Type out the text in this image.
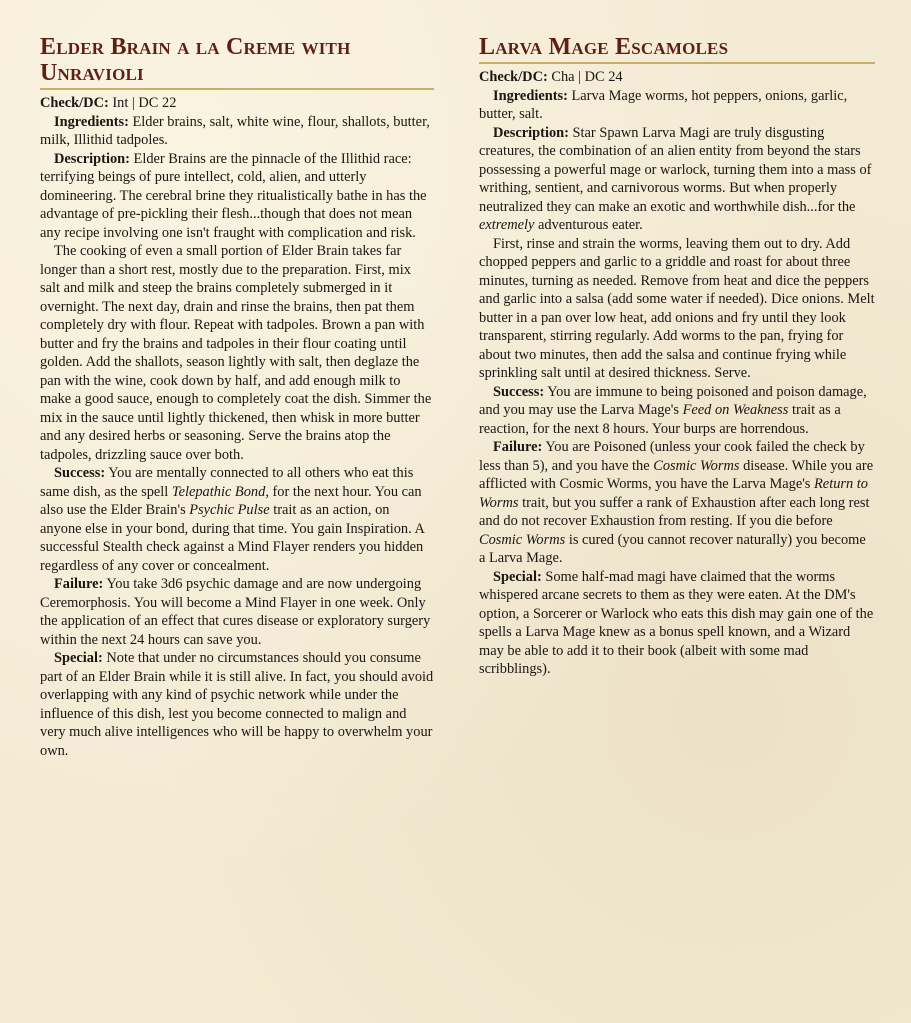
Elder Brain a la Creme with Unravioli

Check/DC: Int | DC 22

Ingredients: Elder brains, salt, white wine, flour, shallots, butter, milk, Illithid tadpoles.

Description: Elder Brains are the pinnacle of the Illithid race: terrifying beings of pure intellect, cold, alien, and utterly domineering. The cerebral brine they ritualistically bathe in has the advantage of pre-pickling their flesh...though that does not mean any recipe involving one isn't fraught with complication and risk.

The cooking of even a small portion of Elder Brain takes far longer than a short rest, mostly due to the preparation. First, mix salt and milk and steep the brains completely submerged in it overnight. The next day, drain and rinse the brains, then pat them completely dry with flour. Repeat with tadpoles. Brown a pan with butter and fry the brains and tadpoles in their flour coating until golden. Add the shallots, season lightly with salt, then deglaze the pan with the wine, cook down by half, and add enough milk to make a good sauce, enough to completely coat the dish. Simmer the mix in the sauce until lightly thickened, then whisk in more butter and any desired herbs or seasoning. Serve the brains atop the tadpoles, drizzling sauce over both.

Success: You are mentally connected to all others who eat this same dish, as the spell Telepathic Bond, for the next hour. You can also use the Elder Brain's Psychic Pulse trait as an action, on anyone else in your bond, during that time. You gain Inspiration. A successful Stealth check against a Mind Flayer renders you hidden regardless of any cover or concealment.

Failure: You take 3d6 psychic damage and are now undergoing Ceremorphosis. You will become a Mind Flayer in one week. Only the application of an effect that cures disease or exploratory surgery within the next 24 hours can save you.

Special: Note that under no circumstances should you consume part of an Elder Brain while it is still alive. In fact, you should avoid overlapping with any kind of psychic network while under the influence of this dish, lest you become connected to malign and very much alive intelligences who will be happy to overwhelm your own.

Larva Mage Escamoles

Check/DC: Cha | DC 24

Ingredients: Larva Mage worms, hot peppers, onions, garlic, butter, salt.

Description: Star Spawn Larva Magi are truly disgusting creatures, the combination of an alien entity from beyond the stars possessing a powerful mage or warlock, turning them into a mass of writhing, sentient, and carnivorous worms. But when properly neutralized they can make an exotic and worthwhile dish...for the extremely adventurous eater.

First, rinse and strain the worms, leaving them out to dry. Add chopped peppers and garlic to a griddle and roast for about three minutes, turning as needed. Remove from heat and dice the peppers and garlic into a salsa (add some water if needed). Dice onions. Melt butter in a pan over low heat, add onions and fry until they look transparent, stirring regularly. Add worms to the pan, frying for about two minutes, then add the salsa and continue frying while sprinkling salt until at desired thickness. Serve.

Success: You are immune to being poisoned and poison damage, and you may use the Larva Mage's Feed on Weakness trait as a reaction, for the next 8 hours. Your burps are horrendous.

Failure: You are Poisoned (unless your cook failed the check by less than 5), and you have the Cosmic Worms disease. While you are afflicted with Cosmic Worms, you have the Larva Mage's Return to Worms trait, but you suffer a rank of Exhaustion after each long rest and do not recover Exhaustion from resting. If you die before Cosmic Worms is cured (you cannot recover naturally) you become a Larva Mage.

Special: Some half-mad magi have claimed that the worms whispered arcane secrets to them as they were eaten. At the DM's option, a Sorcerer or Warlock who eats this dish may gain one of the spells a Larva Mage knew as a bonus spell known, and a Wizard may be able to add it to their book (albeit with some mad scribblings).
